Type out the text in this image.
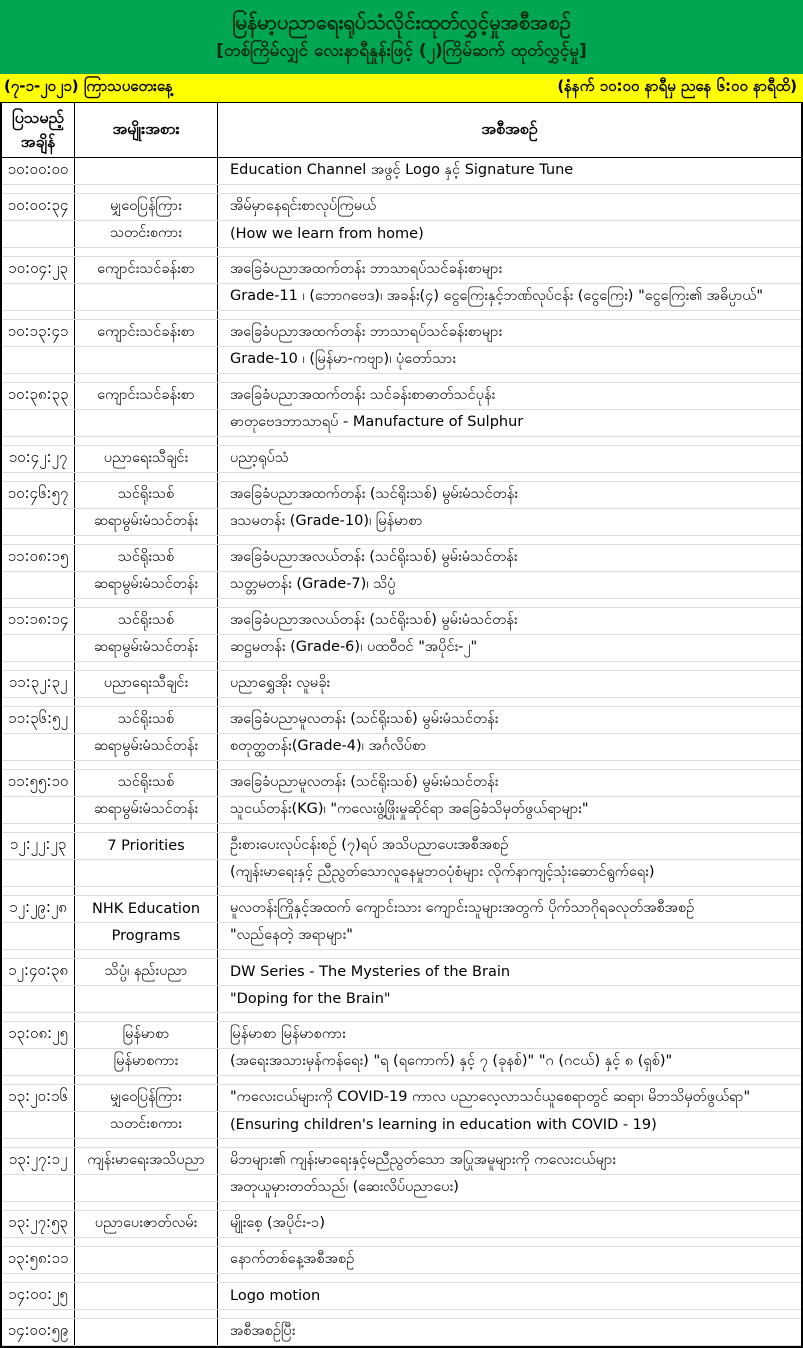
မြန်မာ့ပညာရေးရုပ်သံလိုင်းထုတ်လွှင့်မှုအစီအစဉ်
[တစ်ကြိမ်လျှင် လေးနာရီနှုန်းဖြင့် (၂)ကြိမ်ဆက် ထုတ်လွှင့်မှု]
(၇-၁-၂၀၂၁) ကြာသပတေးနေ့	(နံနက် ၁၀:၀၀ နာရီမှ ညနေ ၆:၀၀ နာရီထိ)
ပြသမည့်
အချိန်
အမျိုးအစား	အစီအစဉ်
၁၀:၀၀:၀၀	Education Channel အဖွင့် Logo နှင့် Signature Tune
၁၀:၀၀:၃၄	မျှဝေပြန်ကြား	အိမ်မှာနေရင်းစာလုပ်ကြမယ်
သတင်းစကား	(How we learn from home)
၁၀:၀၄:၂၃	ကျောင်းသင်ခန်းစာ	အခြေခံပညာအထက်တန်း ဘာသာရပ်သင်ခန်းစာများ
Grade-11 ၊ (ဘောဂဗေဒ)၊ အခန်း(၄) ငွေကြေးနှင့်ဘဏ်လုပ်ငန်း (ငွေကြေး) "ငွေကြေး၏ အဓိပ္ပာယ်"
၁၀:၁၃:၄၁	ကျောင်းသင်ခန်းစာ	အခြေခံပညာအထက်တန်း ဘာသာရပ်သင်ခန်းစာများ
Grade-10 ၊ (မြန်မာ-ကဗျာ)၊ ပုံတော်သား
၁၀:၃၈:၃၃	ကျောင်းသင်ခန်းစာ	အခြေခံပညာအထက်တန်း သင်ခန်းစာဓာတ်သင်ပုန်း
ဓာတုဗေဒဘာသာရပ် - Manufacture of Sulphur
၁၀:၄၂:၂၇	ပညာရေးသီချင်း	ပညာ့ရုပ်သံ
၁၀:၄၆:၅၇	သင်ရိုးသစ်	အခြေခံပညာအထက်တန်း (သင်ရိုးသစ်) မွမ်းမံသင်တန်း
ဆရာမွမ်းမံသင်တန်း	ဒသမတန်း (Grade-10)၊ မြန်မာစာ
၁၁:၀၈:၁၅	သင်ရိုးသစ်	အခြေခံပညာအလယ်တန်း (သင်ရိုးသစ်) မွမ်းမံသင်တန်း
ဆရာမွမ်းမံသင်တန်း	သတ္တမတန်း (Grade-7)၊ သိပ္ပံ
၁၁:၁၈:၁၄	သင်ရိုးသစ်	အခြေခံပညာအလယ်တန်း (သင်ရိုးသစ်) မွမ်းမံသင်တန်း
ဆရာမွမ်းမံသင်တန်း	ဆဋ္ဌမတန်း (Grade-6)၊ ပထဝီဝင် "အပိုင်း-၂"
၁၁:၃၂:၃၂	ပညာရေးသီချင်း	ပညာရွှေအိုး လူမခိုး
၁၁:၃၆:၅၂	သင်ရိုးသစ်	အခြေခံပညာမူလတန်း (သင်ရိုးသစ်) မွမ်းမံသင်တန်း
ဆရာမွမ်းမံသင်တန်း	စတုတ္ထတန်း(Grade-4)၊ အင်္ဂလိပ်စာ
၁၁:၅၅:၁၀	သင်ရိုးသစ်	အခြေခံပညာမူလတန်း (သင်ရိုးသစ်) မွမ်းမံသင်တန်း
ဆရာမွမ်းမံသင်တန်း	သူငယ်တန်း(KG)၊ "ကလေးဖွံ့ဖြိုးမှုဆိုင်ရာ အခြေခံသိမှတ်ဖွယ်ရာများ"
၁၂:၂၂:၂၃	7 Priorities	ဦးစားပေးလုပ်ငန်းစဉ် (၇)ရပ် အသိပညာပေးအစီအစဉ်
(ကျန်းမာရေးနှင့် ညီညွတ်သောလူနေမှုဘဝပုံစံများ လိုက်နာကျင့်သုံးဆောင်ရွက်ရေး)
၁၂:၂၉:၂၈	NHK Education	မူလတန်းကြိုနှင့်အထက် ကျောင်းသား ကျောင်းသူများအတွက် ပိုက်သာဂိုရခလုတ်အစီအစဉ်
Programs	"လည်နေတဲ့ အရာများ"
၁၂:၄၀:၃၈	သိပ္ပံ၊ နည်းပညာ	DW Series - The Mysteries of the Brain
"Doping for the Brain"
၁၃:၀၈:၂၅	မြန်မာစာ	မြန်မာစာ မြန်မာစကား
မြန်မာစကား	(အရေးအသားမှန်ကန်ရေး) "ရ (ရကောက်) နှင့် ၇ (ခုနစ်)" "ဂ (ဂငယ်) နှင့် ၈ (ရှစ်)"
၁၃:၂၀:၁၆	မျှဝေပြန်ကြား	"ကလေးငယ်များကို COVID-19 ကာလ ပညာလေ့လာသင်ယူစေရာတွင် ဆရာ၊ မိဘသိမှတ်ဖွယ်ရာ"
သတင်းစကား	(Ensuring children's learning in education with COVID - 19)
၁၃:၂၇:၁၂	ကျန်းမာရေးအသိပညာ	မိဘများ၏ ကျန်းမာရေးနှင့်မညီညွတ်သော အပြုအမူများကို ကလေးငယ်များ
အတုယူမှားတတ်သည်၊ (ဆေးလိပ်ပညာပေး)
၁၃:၂၇:၅၃	ပညာပေးဇာတ်လမ်း	မျိုးစေ့ (အပိုင်း-၁)
၁၃:၅၈:၁၁	နောက်တစ်နေ့အစီအစဉ်
၁၄:၀၀:၂၅	Logo motion
၁၄:၀၀:၅၉	အစီအစဉ်ပြီး
